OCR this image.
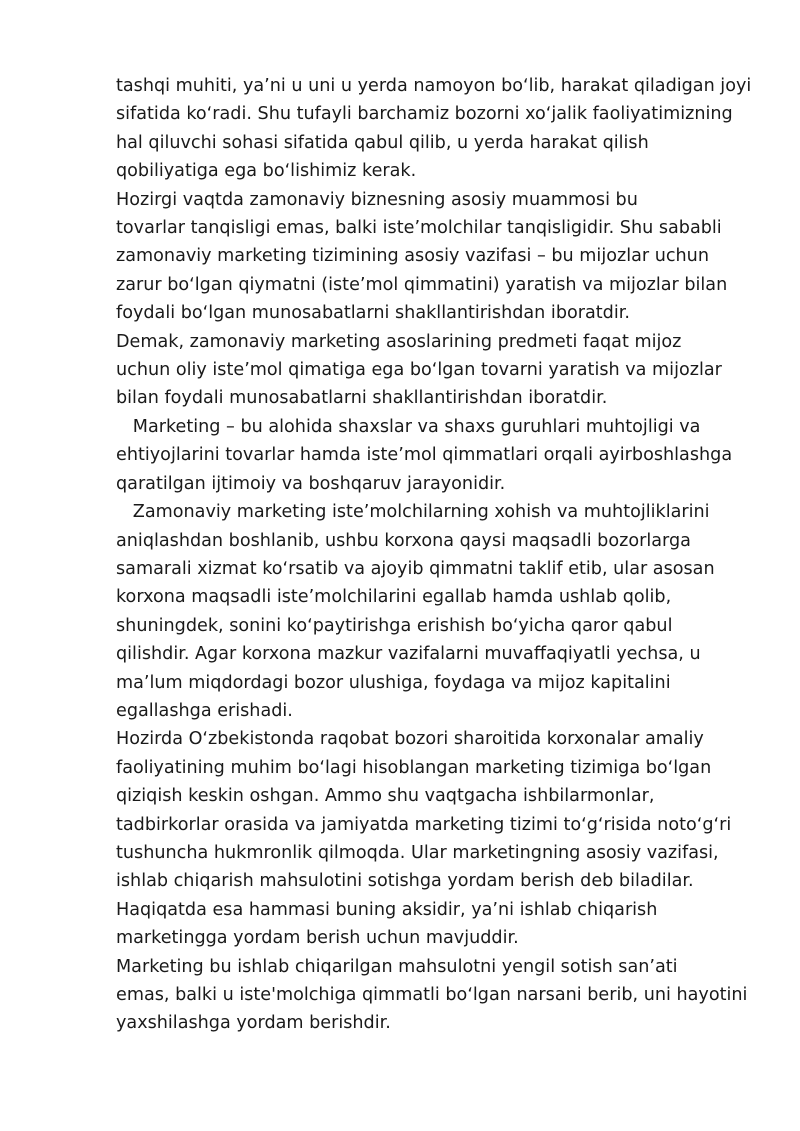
tashqi muhiti, ya’ni u uni u yerda namoyon boʻlib, harakat qiladigan joyi
sifatida koʻradi. Shu tufayli barchamiz bozorni xoʻjalik faoliyatimizning
hal qiluvchi sohasi sifatida qabul qilib, u yerda harakat qilish
qobiliyatiga ega boʻlishimiz kerak.
Hozirgi vaqtda zamonaviy biznesning asosiy muammosi bu
tovarlar tanqisligi emas, balki iste’molchilar tanqisligidir. Shu sababli
zamonaviy marketing tizimining asosiy vazifasi – bu mijozlar uchun
zarur boʻlgan qiymatni (iste’mol qimmatini) yaratish va mijozlar bilan
foydali boʻlgan munosabatlarni shakllantirishdan iboratdir.
Demak, zamonaviy marketing asoslarining predmeti faqat mijoz
uchun oliy iste’mol qimatiga ega boʻlgan tovarni yaratish va mijozlar
bilan foydali munosabatlarni shakllantirishdan iboratdir.
Marketing – bu alohida shaxslar va shaxs guruhlari muhtojligi va
ehtiyojlarini tovarlar hamda iste’mol qimmatlari orqali ayirboshlashga
qaratilgan ijtimoiy va boshqaruv jarayonidir.
Zamonaviy marketing iste’molchilarning xohish va muhtojliklarini
aniqlashdan boshlanib, ushbu korxona qaysi maqsadli bozorlarga
samarali xizmat koʻrsatib va ajoyib qimmatni taklif etib, ular asosan
korxona maqsadli iste’molchilarini egallab hamda ushlab qolib,
shuningdek, sonini koʻpaytirishga erishish boʻyicha qaror qabul
qilishdir. Agar korxona mazkur vazifalarni muvaffaqiyatli yechsa, u
ma’lum miqdordagi bozor ulushiga, foydaga va mijoz kapitalini
egallashga erishadi.
Hozirda Oʻzbekistonda raqobat bozori sharoitida korxonalar amaliy
faoliyatining muhim boʻlagi hisoblangan marketing tizimiga boʻlgan
qiziqish keskin oshgan. Ammo shu vaqtgacha ishbilarmonlar,
tadbirkorlar orasida va jamiyatda marketing tizimi toʻgʻrisida notoʻgʻri
tushuncha hukmronlik qilmoqda. Ular marketingning asosiy vazifasi,
ishlab chiqarish mahsulotini sotishga yordam berish deb biladilar.
Haqiqatda esa hammasi buning aksidir, ya’ni ishlab chiqarish
marketingga yordam berish uchun mavjuddir.
Marketing bu ishlab chiqarilgan mahsulotni yengil sotish san’ati
emas, balki u iste'molchiga qimmatli boʻlgan narsani berib, uni hayotini
yaxshilashga yordam berishdir.
